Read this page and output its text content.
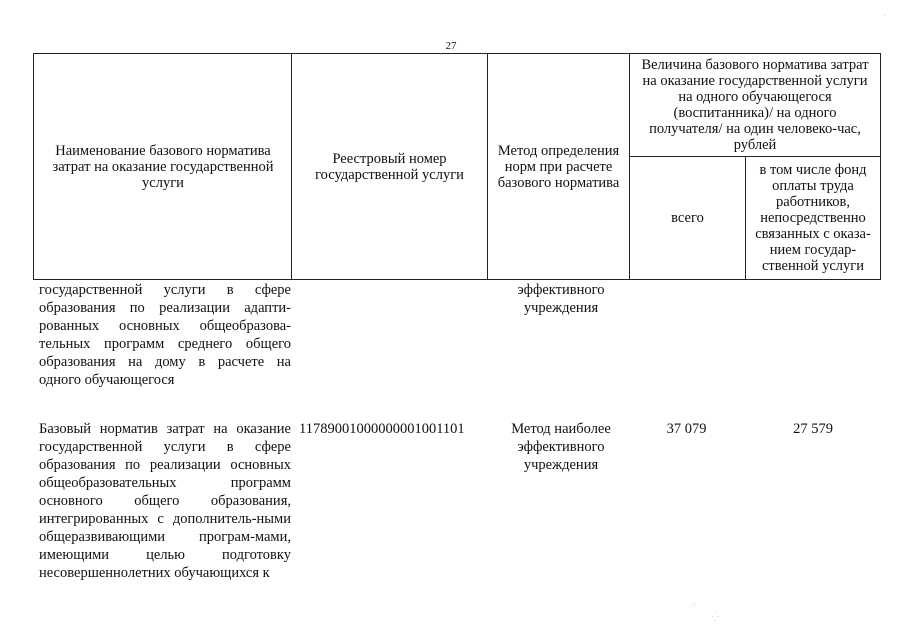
27
Наименование базового норматива затрат на оказание государственной услуги
Реестровый номер государственной услуги
Метод определения норм при расчете базового норматива
Величина базового норматива затрат на оказание государственной услуги на одного обучающегося (воспитанника)/ на одного получателя/ на один человеко-час, рублей
всего
в том числе фонд оплаты труда работников, непосредственно связанных с оказа-нием государ-ственной услуги
государственной услуги в сфере образования по реализации адапти-рованных основных общеобразова-тельных программ среднего общего образования на дому в расчете на одного обучающегося
эффективного учреждения
Базовый норматив затрат на оказание государственной услуги в сфере образования по реализации основных общеобразовательных программ основного общего образования, интегрированных с дополнитель-ными общеразвивающими програм-мами, имеющими целью подготовку несовершеннолетних обучающихся к
11789001000000001001101	Метод наиболее эффективного учреждения
37 079	27 579
.
⁘
⁛
